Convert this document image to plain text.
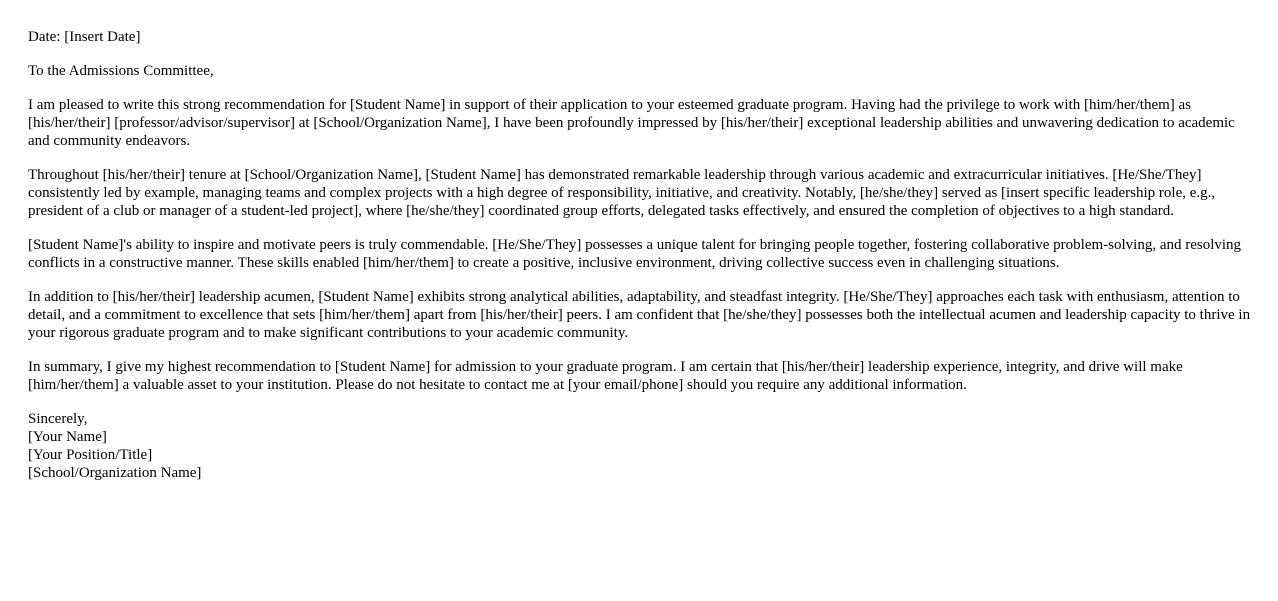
Date: [Insert Date]

To the Admissions Committee,

I am pleased to write this strong recommendation for [Student Name] in support of their application to your esteemed graduate program. Having had the privilege to work with [him/her/them] as [his/her/their] [professor/advisor/supervisor] at [School/Organization Name], I have been profoundly impressed by [his/her/their] exceptional leadership abilities and unwavering dedication to academic and community endeavors.

Throughout [his/her/their] tenure at [School/Organization Name], [Student Name] has demonstrated remarkable leadership through various academic and extracurricular initiatives. [He/She/They] consistently led by example, managing teams and complex projects with a high degree of responsibility, initiative, and creativity. Notably, [he/she/they] served as [insert specific leadership role, e.g., president of a club or manager of a student-led project], where [he/she/they] coordinated group efforts, delegated tasks effectively, and ensured the completion of objectives to a high standard.

[Student Name]'s ability to inspire and motivate peers is truly commendable. [He/She/They] possesses a unique talent for bringing people together, fostering collaborative problem-solving, and resolving conflicts in a constructive manner. These skills enabled [him/her/them] to create a positive, inclusive environment, driving collective success even in challenging situations.

In addition to [his/her/their] leadership acumen, [Student Name] exhibits strong analytical abilities, adaptability, and steadfast integrity. [He/She/They] approaches each task with enthusiasm, attention to detail, and a commitment to excellence that sets [him/her/them] apart from [his/her/their] peers. I am confident that [he/she/they] possesses both the intellectual acumen and leadership capacity to thrive in your rigorous graduate program and to make significant contributions to your academic community.

In summary, I give my highest recommendation to [Student Name] for admission to your graduate program. I am certain that [his/her/their] leadership experience, integrity, and drive will make [him/her/them] a valuable asset to your institution. Please do not hesitate to contact me at [your email/phone] should you require any additional information.

Sincerely,
[Your Name]
[Your Position/Title]
[School/Organization Name]
